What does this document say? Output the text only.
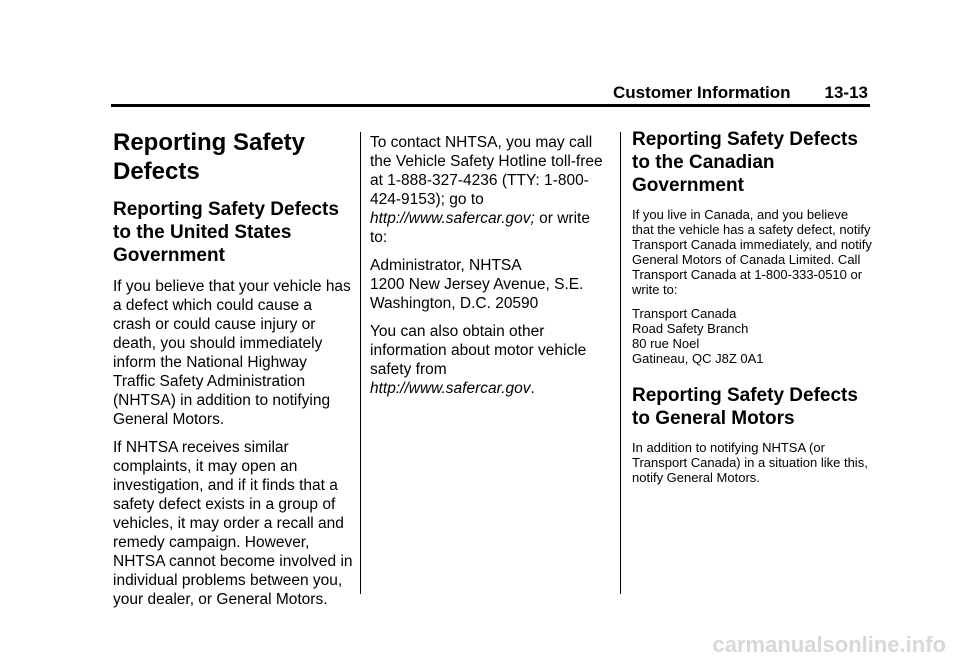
Customer Information 13-13
Reporting Safety Defects
Reporting Safety Defects to the United States Government

If you believe that your vehicle has a defect which could cause a crash or could cause injury or death, you should immediately inform the National Highway Traffic Safety Administration (NHTSA) in addition to notifying General Motors.

If NHTSA receives similar complaints, it may open an investigation, and if it finds that a safety defect exists in a group of vehicles, it may order a recall and remedy campaign. However, NHTSA cannot become involved in individual problems between you, your dealer, or General Motors.

To contact NHTSA, you may call the Vehicle Safety Hotline toll-free at 1-888-327-4236 (TTY: 1-800-424-9153); go to http://www.safercar.gov; or write to:

Administrator, NHTSA
1200 New Jersey Avenue, S.E.
Washington, D.C. 20590

You can also obtain other information about motor vehicle safety from http://www.safercar.gov.

Reporting Safety Defects to the Canadian Government

If you live in Canada, and you believe that the vehicle has a safety defect, notify Transport Canada immediately, and notify General Motors of Canada Limited. Call Transport Canada at 1-800-333-0510 or write to:

Transport Canada
Road Safety Branch
80 rue Noel
Gatineau, QC J8Z 0A1

Reporting Safety Defects to General Motors

In addition to notifying NHTSA (or Transport Canada) in a situation like this, notify General Motors.

carmanualsonline.info
